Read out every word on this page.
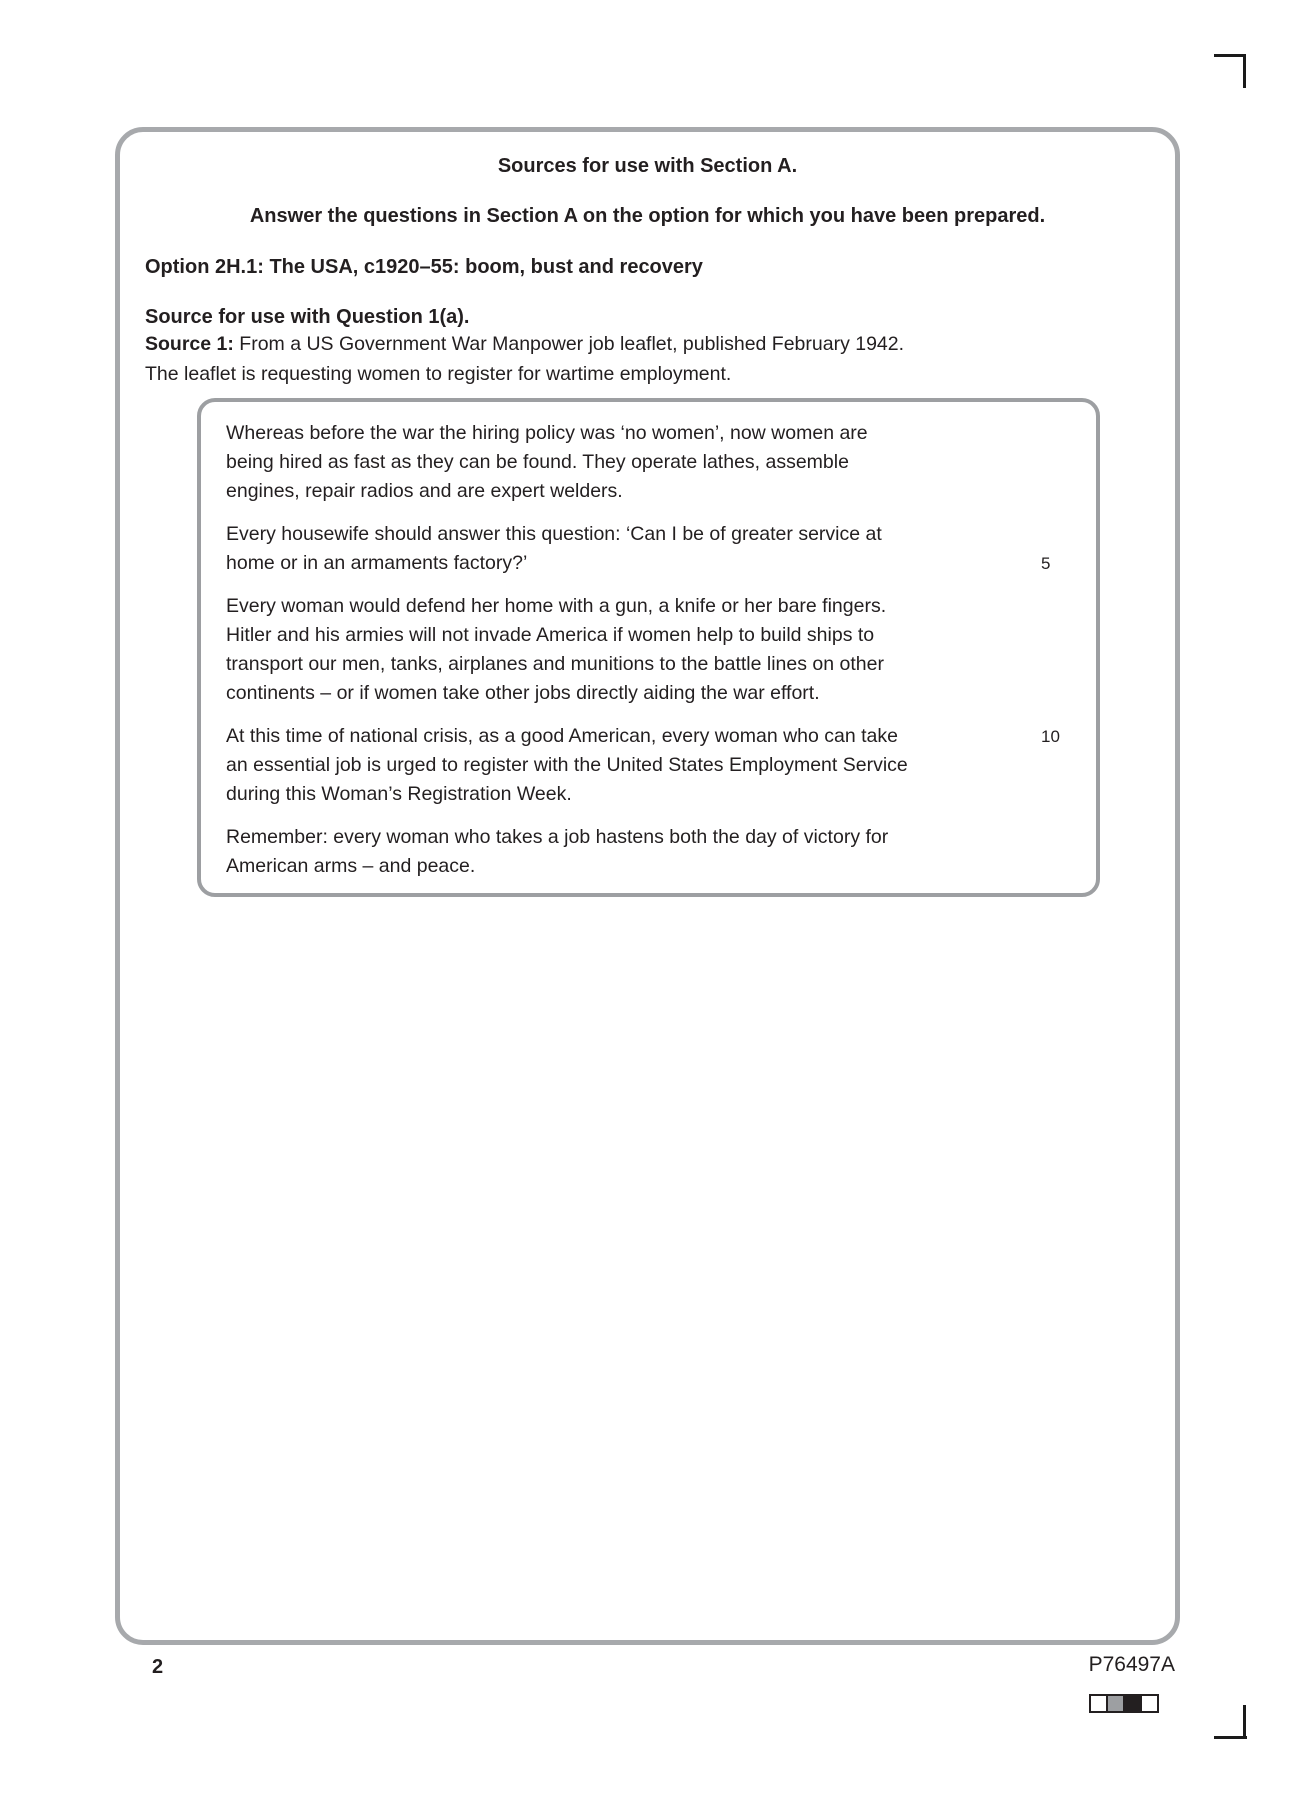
Sources for use with Section A.

Answer the questions in Section A on the option for which you have been prepared.

Option 2H.1: The USA, c1920–55: boom, bust and recovery

Source for use with Question 1(a).

Source 1: From a US Government War Manpower job leaflet, published February 1942.

The leaflet is requesting women to register for wartime employment.

Whereas before the war the hiring policy was ‘no women’, now women are
being hired as fast as they can be found. They operate lathes, assemble
engines, repair radios and are expert welders.
Every housewife should answer this question: ‘Can I be of greater service at
home or in an armaments factory?’	5
Every woman would defend her home with a gun, a knife or her bare fingers.
Hitler and his armies will not invade America if women help to build ships to
transport our men, tanks, airplanes and munitions to the battle lines on other
continents – or if women take other jobs directly aiding the war effort.
At this time of national crisis, as a good American, every woman who can take	10
an essential job is urged to register with the United States Employment Service
during this Woman’s Registration Week.
Remember: every woman who takes a job hastens both the day of victory for
American arms – and peace.
2	P76497A
